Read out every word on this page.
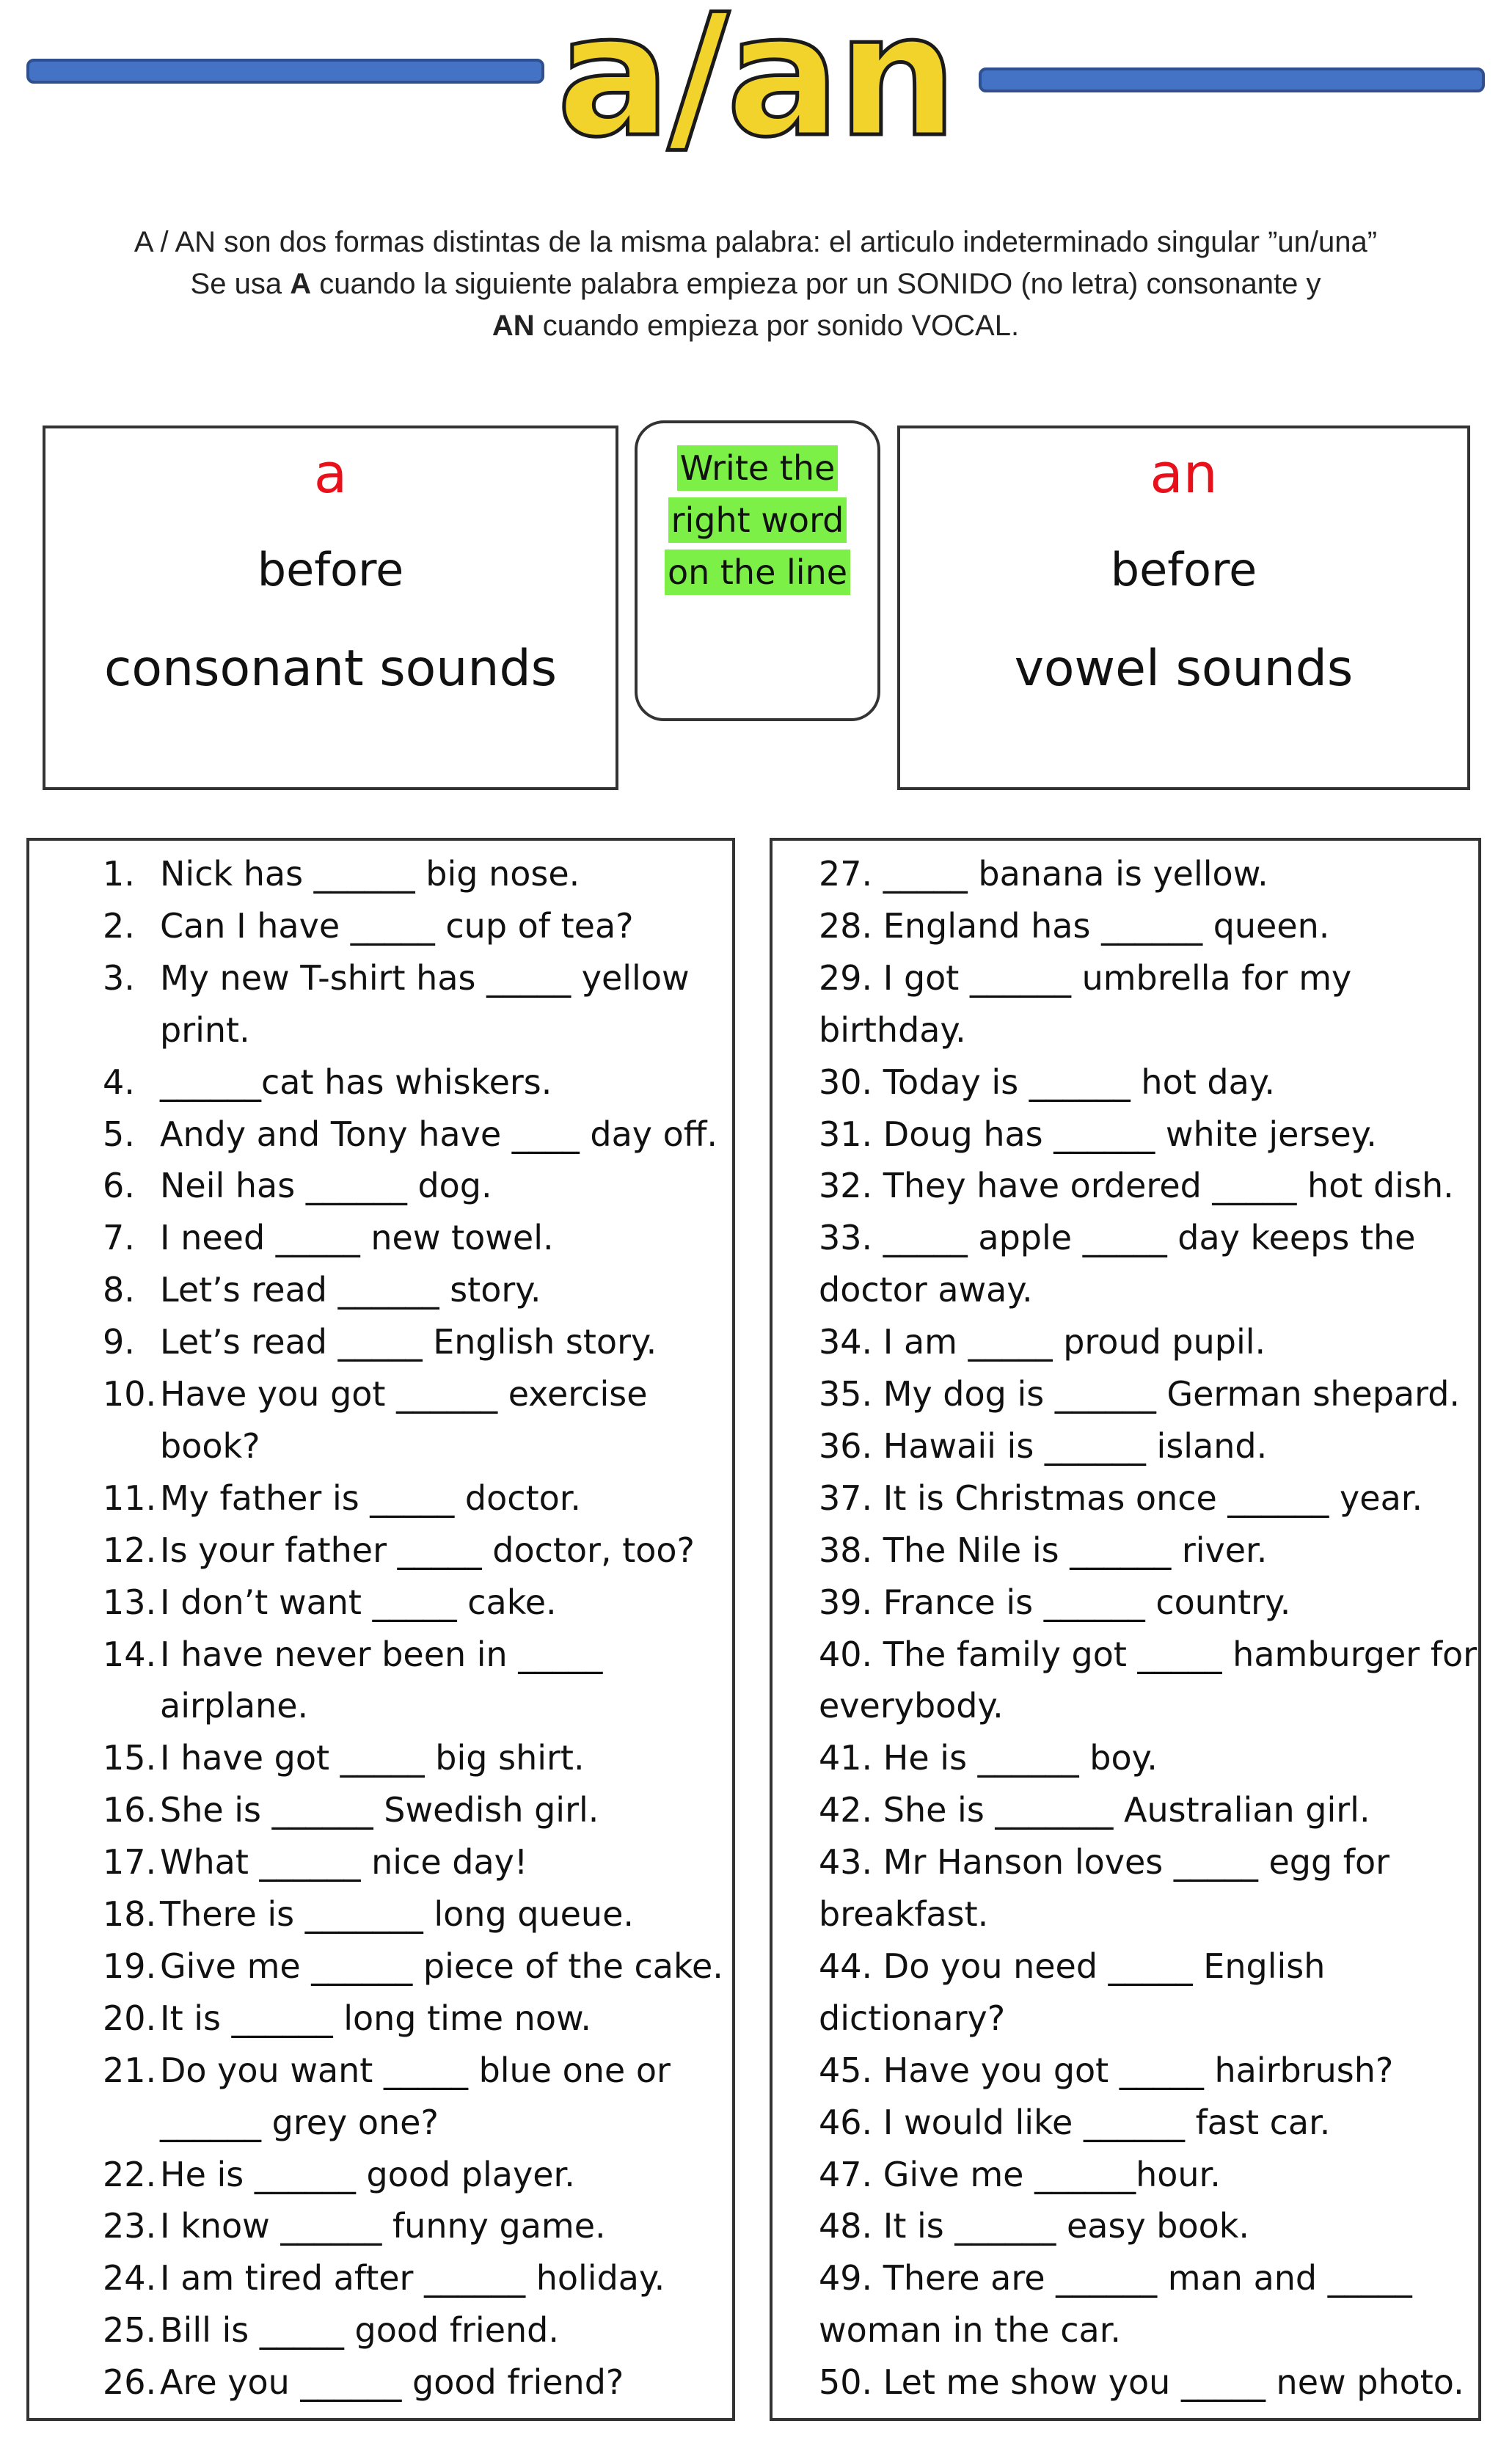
a/an
A / AN son dos formas distintas de la misma palabra: el articulo indeterminado singular ”un/una”
Se usa A cuando la siguiente palabra empieza por un SONIDO (no letra) consonante y
AN cuando empieza por sonido VOCAL.
a
before
consonant sounds
Write the
right word
on the line
an
before
vowel sounds
1. Nick has ______ big nose.
2. Can I have _____ cup of tea?
3. My new T-shirt has _____ yellow
print.
4. ______cat has whiskers.
5. Andy and Tony have ____ day off.
6. Neil has ______ dog.
7. I need _____ new towel.
8. Let’s read ______ story.
9. Let’s read _____ English story.
10. Have you got ______ exercise
book?
11. My father is _____ doctor.
12. Is your father _____ doctor, too?
13. I don’t want _____ cake.
14. I have never been in _____
airplane.
15. I have got _____ big shirt.
16. She is ______ Swedish girl.
17. What ______ nice day!
18. There is _______ long queue.
19. Give me ______ piece of the cake.
20. It is ______ long time now.
21. Do you want _____ blue one or
______ grey one?
22. He is ______ good player.
23. I know ______ funny game.
24. I am tired after ______ holiday.
25. Bill is _____ good friend.
26. Are you ______ good friend?
27. _____ banana is yellow.
28. England has ______ queen.
29. I got ______ umbrella for my
birthday.
30. Today is ______ hot day.
31. Doug has ______ white jersey.
32. They have ordered _____ hot dish.
33. _____ apple _____ day keeps the
doctor away.
34. I am _____ proud pupil.
35. My dog is ______ German shepard.
36. Hawaii is ______ island.
37. It is Christmas once ______ year.
38. The Nile is ______ river.
39. France is ______ country.
40. The family got _____ hamburger for
everybody.
41. He is ______ boy.
42. She is _______ Australian girl.
43. Mr Hanson loves _____ egg for
breakfast.
44. Do you need _____ English
dictionary?
45. Have you got _____ hairbrush?
46. I would like ______ fast car.
47. Give me ______hour.
48. It is ______ easy book.
49. There are ______ man and _____
woman in the car.
50. Let me show you _____ new photo.
